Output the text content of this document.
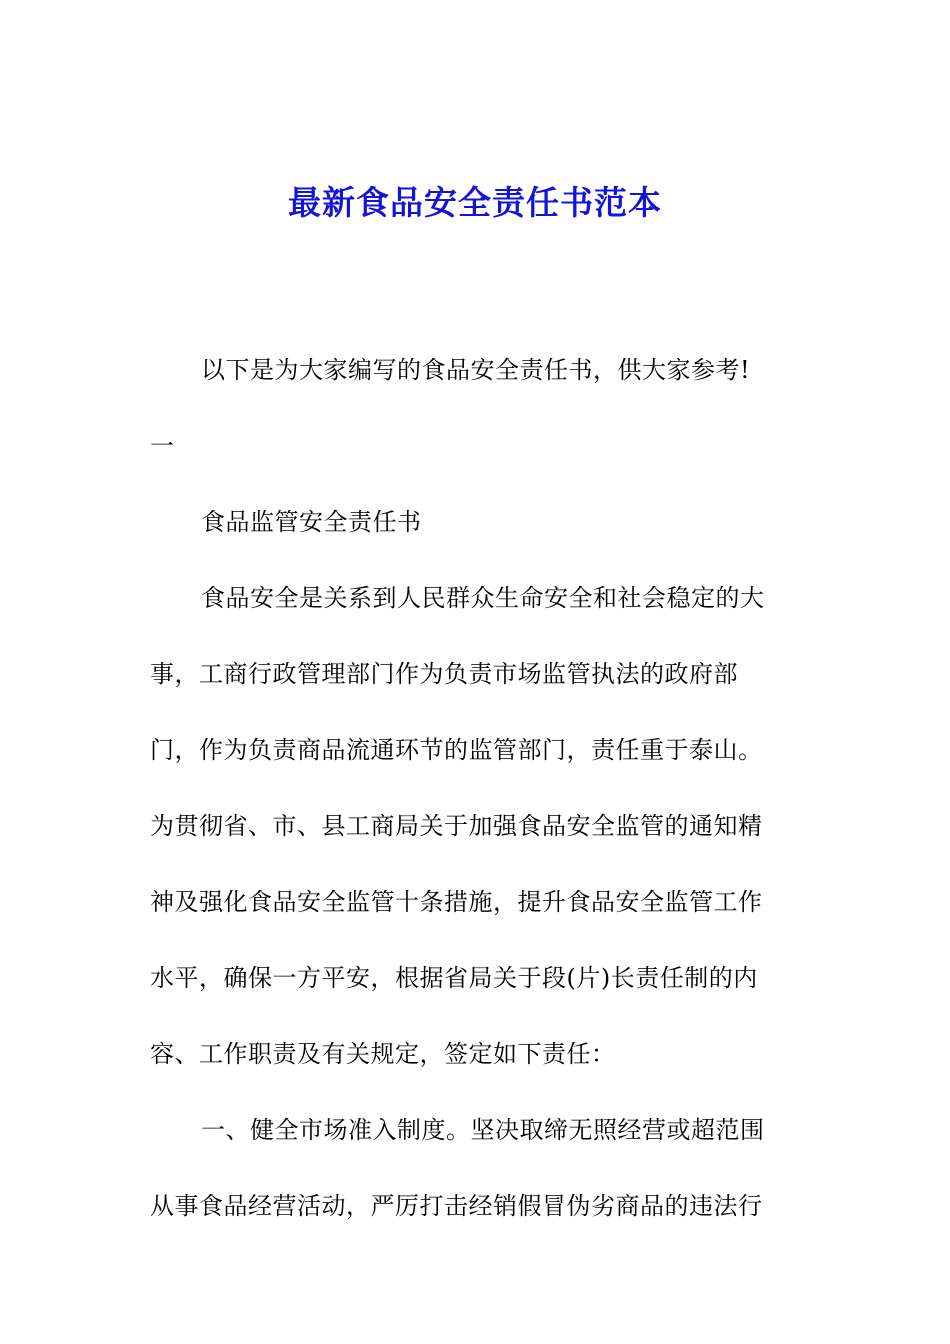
最新食品安全责任书范本

以下是为大家编写的食品安全责任书，供大家参考!

一

食品监管安全责任书

食品安全是关系到人民群众生命安全和社会稳定的大
事，工商行政管理部门作为负责市场监管执法的政府部
门，作为负责商品流通环节的监管部门，责任重于泰山。
为贯彻省、市、县工商局关于加强食品安全监管的通知精
神及强化食品安全监管十条措施，提升食品安全监管工作
水平，确保一方平安，根据省局关于段(片)长责任制的内
容、工作职责及有关规定，签定如下责任：

一、健全市场准入制度。坚决取缔无照经营或超范围
从事食品经营活动，严厉打击经销假冒伪劣商品的违法行
